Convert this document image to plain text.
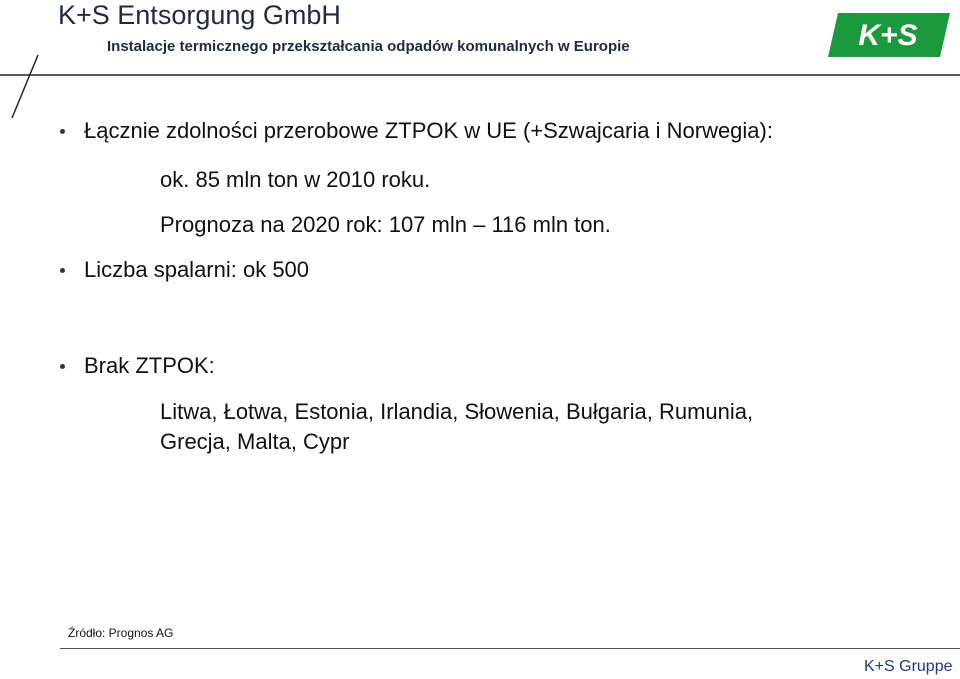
K+S Entsorgung GmbH
Instalacje termicznego przekształcania odpadów komunalnych w Europie	K+S
Łącznie zdolności przerobowe ZTPOK w UE (+Szwajcaria i Norwegia):
ok. 85 mln ton w 2010 roku.
Prognoza na 2020 rok: 107 mln – 116 mln ton.
Liczba spalarni: ok 500
Brak ZTPOK:
Litwa, Łotwa, Estonia, Irlandia, Słowenia, Bułgaria, Rumunia,
Grecja, Malta, Cypr
Źródło: Prognos AG
K+S Gruppe
